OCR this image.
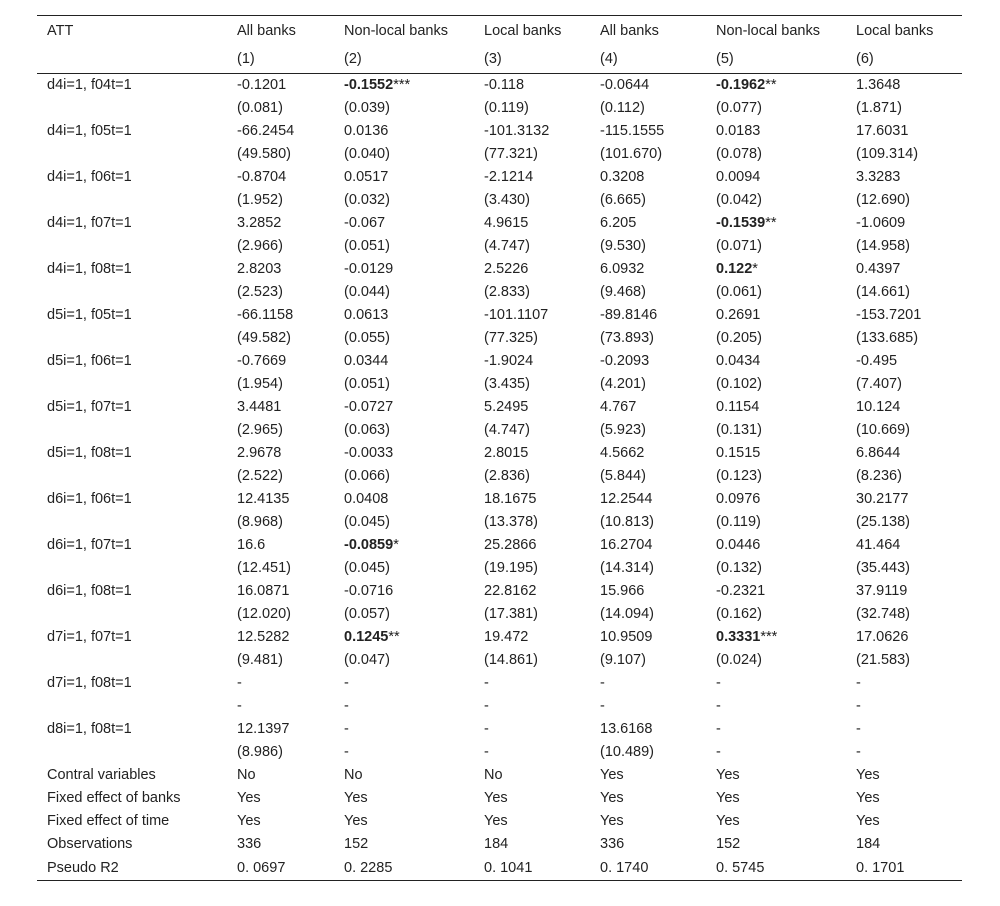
ATT	All banks	Non-local banks	Local banks	All banks	Non-local banks	Local banks
	(1)	(2)	(3)	(4)	(5)	(6)
d4i=1, f04t=1	-0.1201	-0.1552***	-0.118	-0.0644	-0.1962**	1.3648
	(0.081)	(0.039)	(0.119)	(0.112)	(0.077)	(1.871)
d4i=1, f05t=1	-66.2454	0.0136	-101.3132	-115.1555	0.0183	17.6031
	(49.580)	(0.040)	(77.321)	(101.670)	(0.078)	(109.314)
d4i=1, f06t=1	-0.8704	0.0517	-2.1214	0.3208	0.0094	3.3283
	(1.952)	(0.032)	(3.430)	(6.665)	(0.042)	(12.690)
d4i=1, f07t=1	3.2852	-0.067	4.9615	6.205	-0.1539**	-1.0609
	(2.966)	(0.051)	(4.747)	(9.530)	(0.071)	(14.958)
d4i=1, f08t=1	2.8203	-0.0129	2.5226	6.0932	0.122*	0.4397
	(2.523)	(0.044)	(2.833)	(9.468)	(0.061)	(14.661)
d5i=1, f05t=1	-66.1158	0.0613	-101.1107	-89.8146	0.2691	-153.7201
	(49.582)	(0.055)	(77.325)	(73.893)	(0.205)	(133.685)
d5i=1, f06t=1	-0.7669	0.0344	-1.9024	-0.2093	0.0434	-0.495
	(1.954)	(0.051)	(3.435)	(4.201)	(0.102)	(7.407)
d5i=1, f07t=1	3.4481	-0.0727	5.2495	4.767	0.1154	10.124
	(2.965)	(0.063)	(4.747)	(5.923)	(0.131)	(10.669)
d5i=1, f08t=1	2.9678	-0.0033	2.8015	4.5662	0.1515	6.8644
	(2.522)	(0.066)	(2.836)	(5.844)	(0.123)	(8.236)
d6i=1, f06t=1	12.4135	0.0408	18.1675	12.2544	0.0976	30.2177
	(8.968)	(0.045)	(13.378)	(10.813)	(0.119)	(25.138)
d6i=1, f07t=1	16.6	-0.0859*	25.2866	16.2704	0.0446	41.464
	(12.451)	(0.045)	(19.195)	(14.314)	(0.132)	(35.443)
d6i=1, f08t=1	16.0871	-0.0716	22.8162	15.966	-0.2321	37.9119
	(12.020)	(0.057)	(17.381)	(14.094)	(0.162)	(32.748)
d7i=1, f07t=1	12.5282	0.1245**	19.472	10.9509	0.3331***	17.0626
	(9.481)	(0.047)	(14.861)	(9.107)	(0.024)	(21.583)
d7i=1, f08t=1	-	-	-	-	-	-
	-	-	-	-	-	-
d8i=1, f08t=1	12.1397	-	-	13.6168	-	-
	(8.986)	-	-	(10.489)	-	-
Contral variables	No	No	No	Yes	Yes	Yes
Fixed effect of banks	Yes	Yes	Yes	Yes	Yes	Yes
Fixed effect of time	Yes	Yes	Yes	Yes	Yes	Yes
Observations	336	152	184	336	152	184
Pseudo R2	0. 0697	0. 2285	0. 1041	0. 1740	0. 5745	0. 1701
